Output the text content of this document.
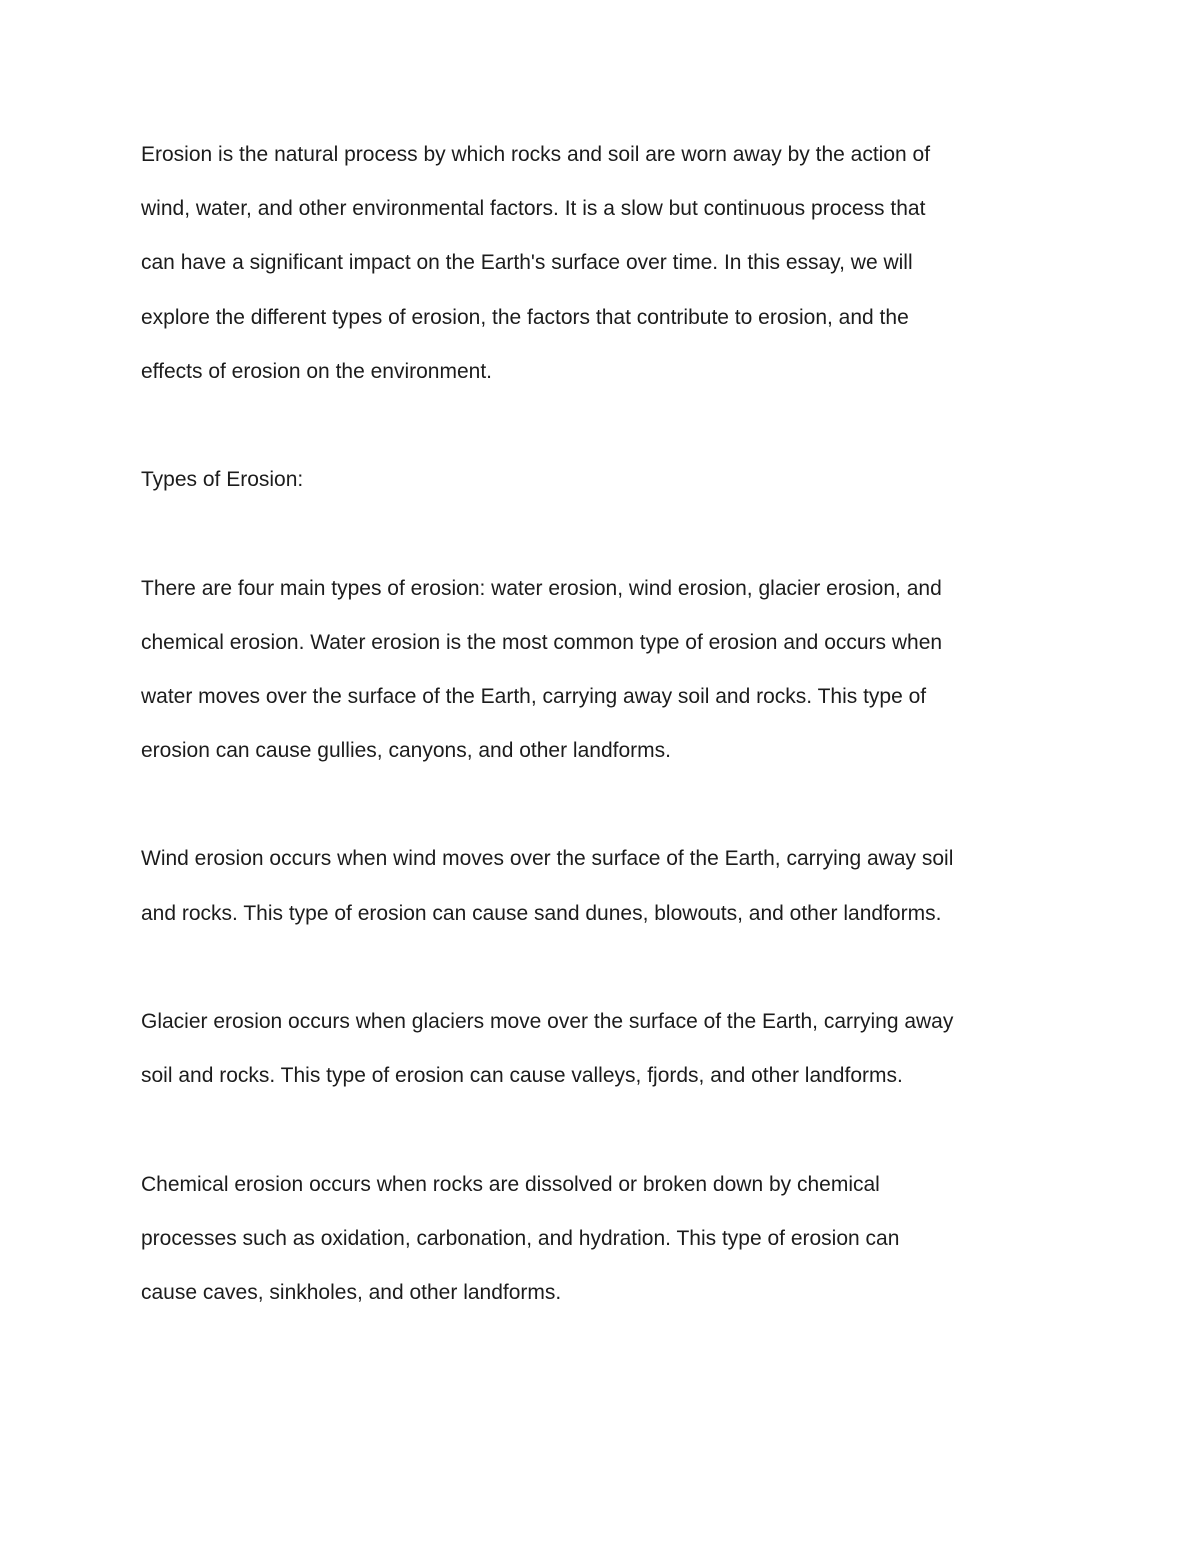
Erosion is the natural process by which rocks and soil are worn away by the action of
wind, water, and other environmental factors. It is a slow but continuous process that
can have a significant impact on the Earth's surface over time. In this essay, we will
explore the different types of erosion, the factors that contribute to erosion, and the
effects of erosion on the environment.
Types of Erosion:
There are four main types of erosion: water erosion, wind erosion, glacier erosion, and
chemical erosion. Water erosion is the most common type of erosion and occurs when
water moves over the surface of the Earth, carrying away soil and rocks. This type of
erosion can cause gullies, canyons, and other landforms.
Wind erosion occurs when wind moves over the surface of the Earth, carrying away soil
and rocks. This type of erosion can cause sand dunes, blowouts, and other landforms.
Glacier erosion occurs when glaciers move over the surface of the Earth, carrying away
soil and rocks. This type of erosion can cause valleys, fjords, and other landforms.
Chemical erosion occurs when rocks are dissolved or broken down by chemical
processes such as oxidation, carbonation, and hydration. This type of erosion can
cause caves, sinkholes, and other landforms.
